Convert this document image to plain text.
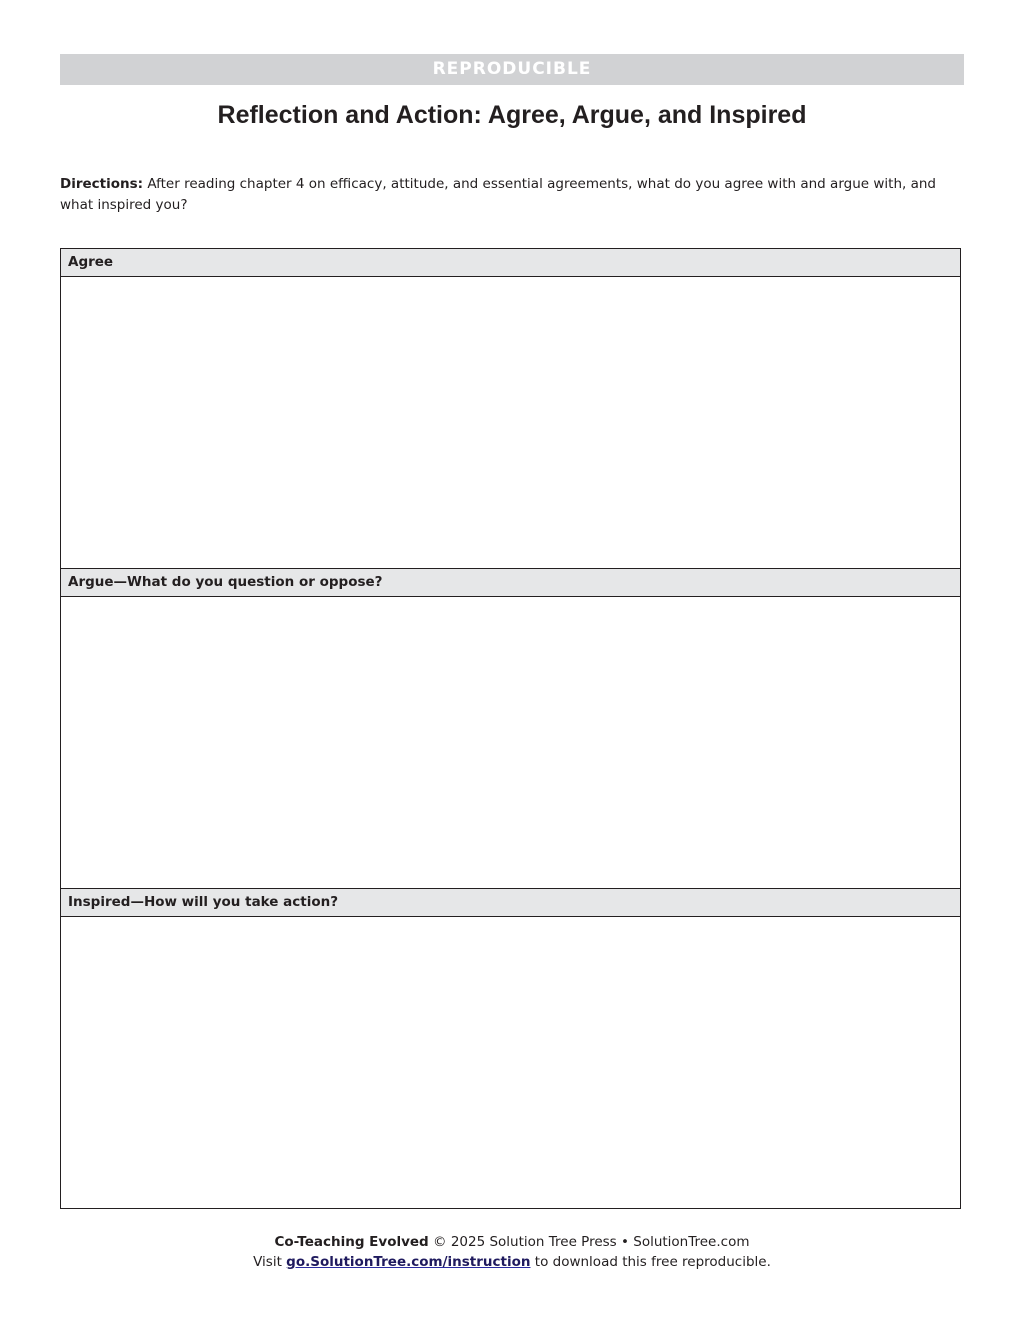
REPRODUCIBLE
Reflection and Action: Agree, Argue, and Inspired

Directions: After reading chapter 4 on efficacy, attitude, and essential agreements, what do you agree with and argue with, and what inspired you?

Agree
Argue—What do you question or oppose?
Inspired—How will you take action?
Co-Teaching Evolved © 2025 Solution Tree Press • SolutionTree.com
Visit go.SolutionTree.com/instruction to download this free reproducible.
